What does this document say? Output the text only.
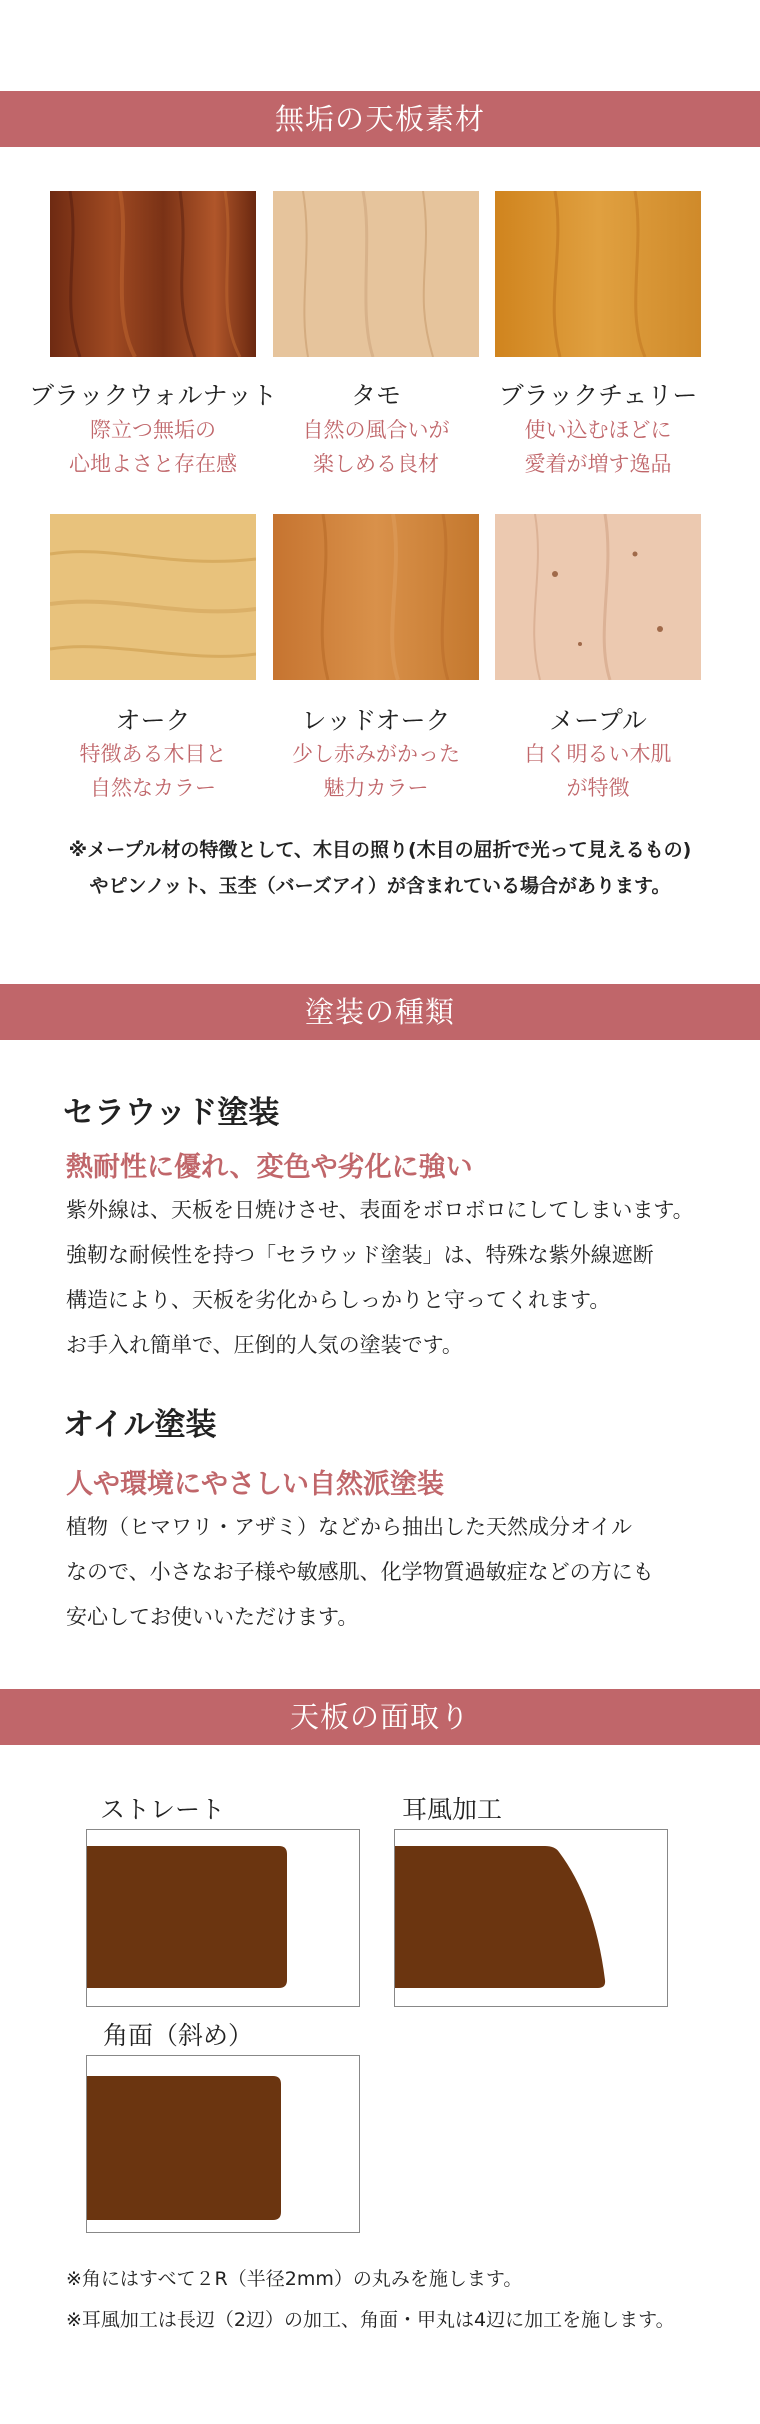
無垢の天板素材
ブラックウォルナット	タモ	ブラックチェリー
際立つ無垢の
心地よさと存在感
自然の風合いが
楽しめる良材
使い込むほどに
愛着が増す逸品
オーク	レッドオーク	メープル
特徴ある木目と
自然なカラー
少し赤みがかった
魅力カラー
白く明るい木肌
が特徴
※メープル材の特徴として、木目の照り(木目の屈折で光って見えるもの)
やピンノット、玉杢（バーズアイ）が含まれている場合があります。
塗装の種類
セラウッド塗装
熱耐性に優れ、変色や劣化に強い
紫外線は、天板を日焼けさせ、表面をボロボロにしてしまいます。
強靭な耐候性を持つ「セラウッド塗装」は、特殊な紫外線遮断
構造により、天板を劣化からしっかりと守ってくれます。
お手入れ簡単で、圧倒的人気の塗装です。
オイル塗装
人や環境にやさしい自然派塗装
植物（ヒマワリ・アザミ）などから抽出した天然成分オイル
なので、小さなお子様や敏感肌、化学物質過敏症などの方にも
安心してお使いいただけます。
天板の面取り
ストレート	耳風加工
角面（斜め）
※角にはすべて２R（半径2mm）の丸みを施します。
※耳風加工は長辺（2辺）の加工、角面・甲丸は4辺に加工を施します。
